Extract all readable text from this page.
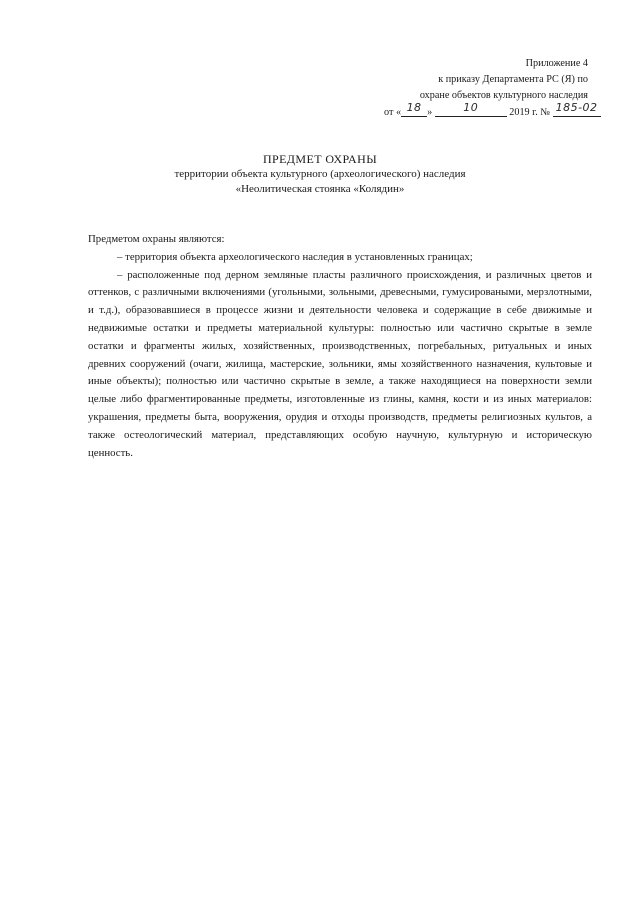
Приложение 4
к приказу Департамента РС (Я) по
охране объектов культурного наследия
от « 18 »	10	2019 г. № 185-02
ПРЕДМЕТ ОХРАНЫ
территории объекта культурного (археологического) наследия
«Неолитическая стоянка «Колядин»
Предметом охраны являются:
– территория объекта археологического наследия в установленных границах;
– расположенные под дерном земляные пласты различного происхождения, и различных цветов и оттенков, с различными включениями (угольными, зольными, древесными, гумусироваными, мерзлотными, и т.д.), образовавшиеся в процессе жизни и деятельности человека и содержащие в себе движимые и недвижимые остатки и предметы материальной культуры: полностью или частично скрытые в земле остатки и фрагменты жилых, хозяйственных, производственных, погребальных, ритуальных и иных древних сооружений (очаги, жилища, мастерские, зольники, ямы хозяйственного назначения, культовые и иные объекты); полностью или частично скрытые в земле, а также находящиеся на поверхности земли целые либо фрагментированные предметы, изготовленные из глины, камня, кости и из иных материалов: украшения, предметы быта, вооружения, орудия и отходы производств, предметы религиозных культов, а также остеологический материал, представляющих особую научную, культурную и историческую ценность.
